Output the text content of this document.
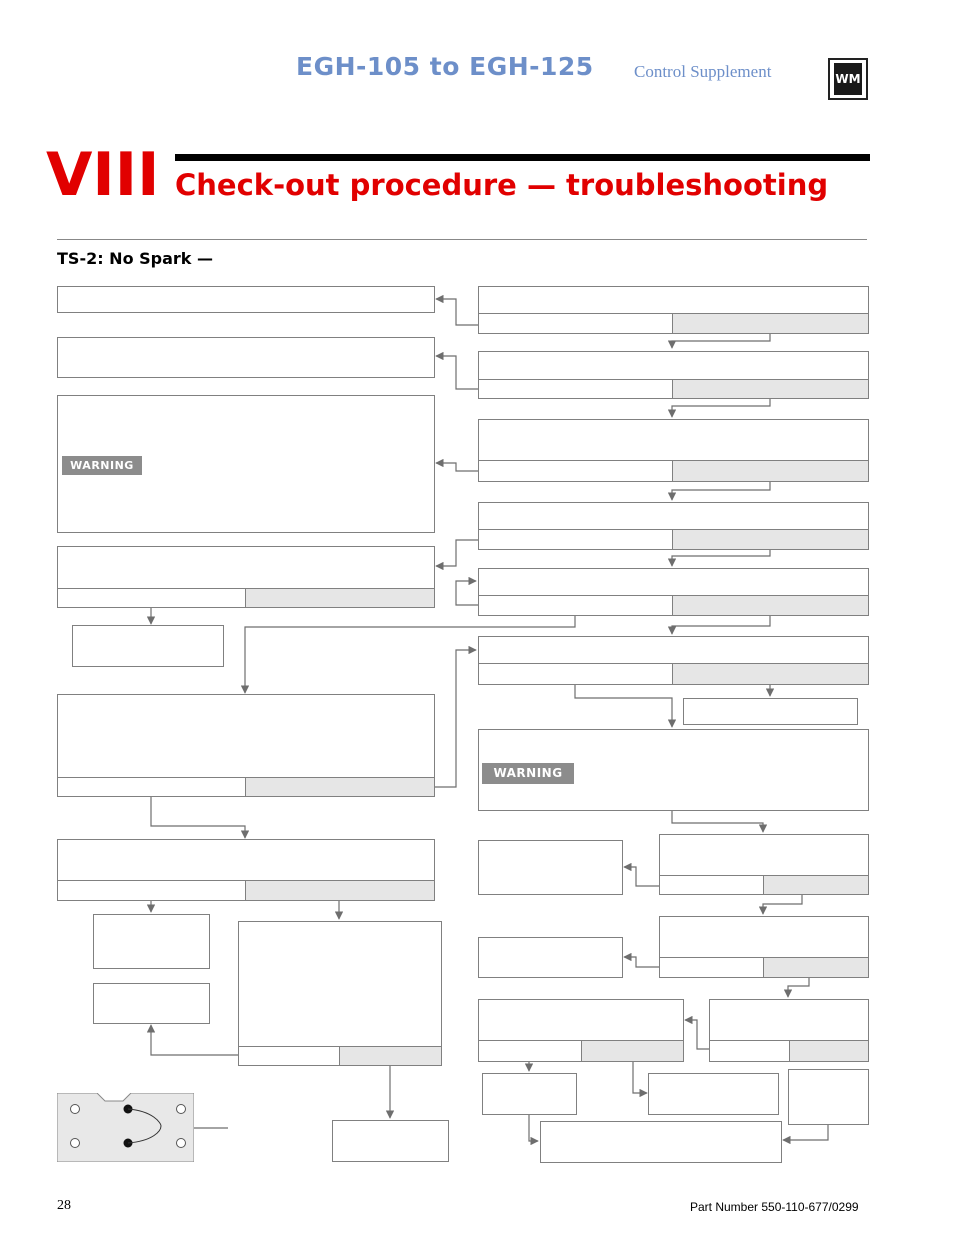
EGH-105 to EGH-125 Control Supplement	WM
VIII Check-out procedure — troubleshooting
TS-2: No Spark —
WARNING
WARNING
28	Part Number 550-110-677/0299
